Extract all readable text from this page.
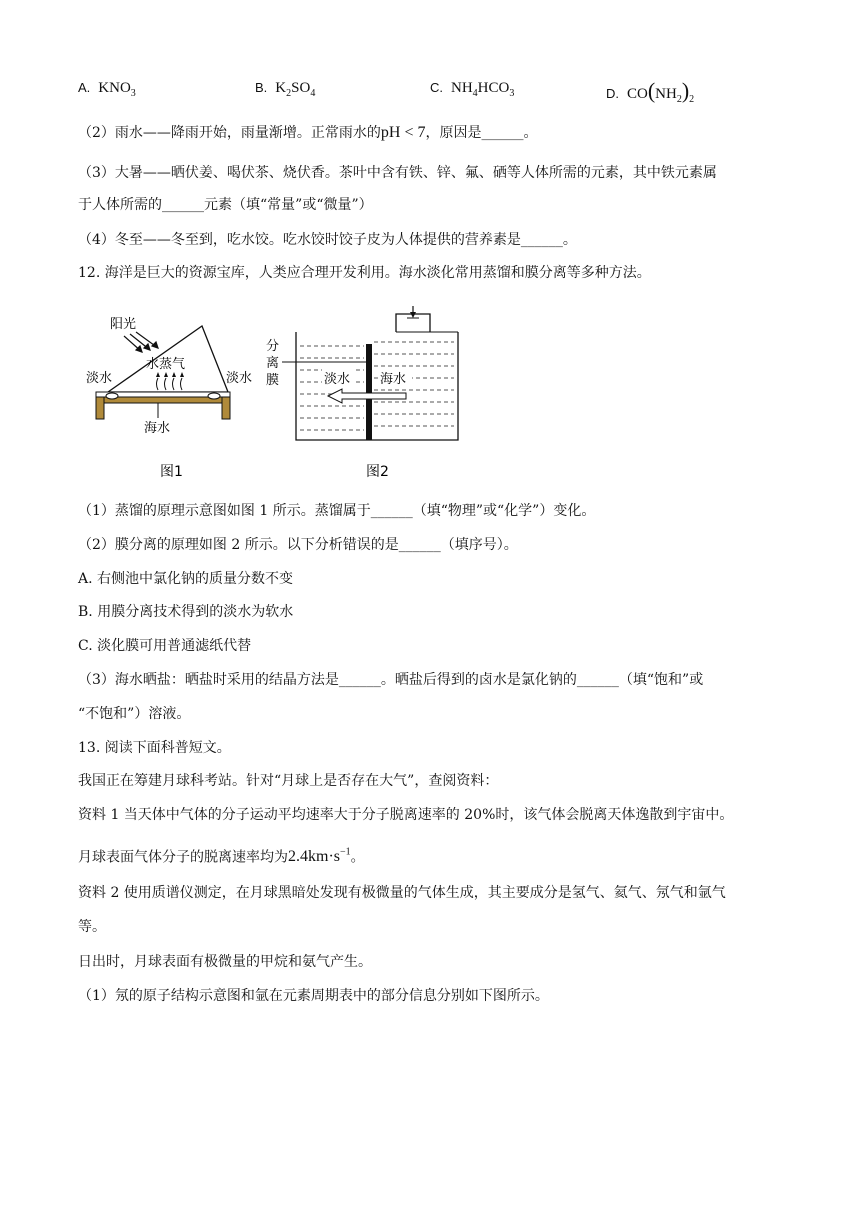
A. $KNO_3$	B. $K_2SO_4$	C. $NH_4HCO_3$	D. $CO(NH_2)_2$
（2）雨水——降雨开始，雨量渐增。正常雨水的pH < 7，原因是______。
（3）大暑——晒伏姜、喝伏茶、烧伏香。茶叶中含有铁、锌、氟、硒等人体所需的元素，其中铁元素属
于人体所需的______元素（填“常量”或“微量”）
（4）冬至——冬至到，吃水饺。吃水饺时饺子皮为人体提供的营养素是______。
12. 海洋是巨大的资源宝库，人类应合理开发利用。海水淡化常用蒸馏和膜分离等多种方法。
阳光
水蒸气
淡水	淡水
海水
图1
分
离
膜	淡水 海水
图2
（1）蒸馏的原理示意图如图 1 所示。蒸馏属于______（填“物理”或“化学”）变化。
（2）膜分离的原理如图 2 所示。以下分析错误的是______（填序号）。
A. 右侧池中氯化钠的质量分数不变
B. 用膜分离技术得到的淡水为软水
C. 淡化膜可用普通滤纸代替
（3）海水晒盐：晒盐时采用的结晶方法是______。晒盐后得到的卤水是氯化钠的______（填“饱和”或
“不饱和”）溶液。
13. 阅读下面科普短文。
我国正在筹建月球科考站。针对“月球上是否存在大气”，查阅资料：
资料 1 当天体中气体的分子运动平均速率大于分子脱离速率的 20%时，该气体会脱离天体逸散到宇宙中。
月球表面气体分子的脱离速率均为$2.4km\cdot s^{-1}$。
资料 2 使用质谱仪测定，在月球黑暗处发现有极微量的气体生成，其主要成分是氢气、氦气、氖气和氩气
等。
日出时，月球表面有极微量的甲烷和氨气产生。
（1）氖的原子结构示意图和氩在元素周期表中的部分信息分别如下图所示。
